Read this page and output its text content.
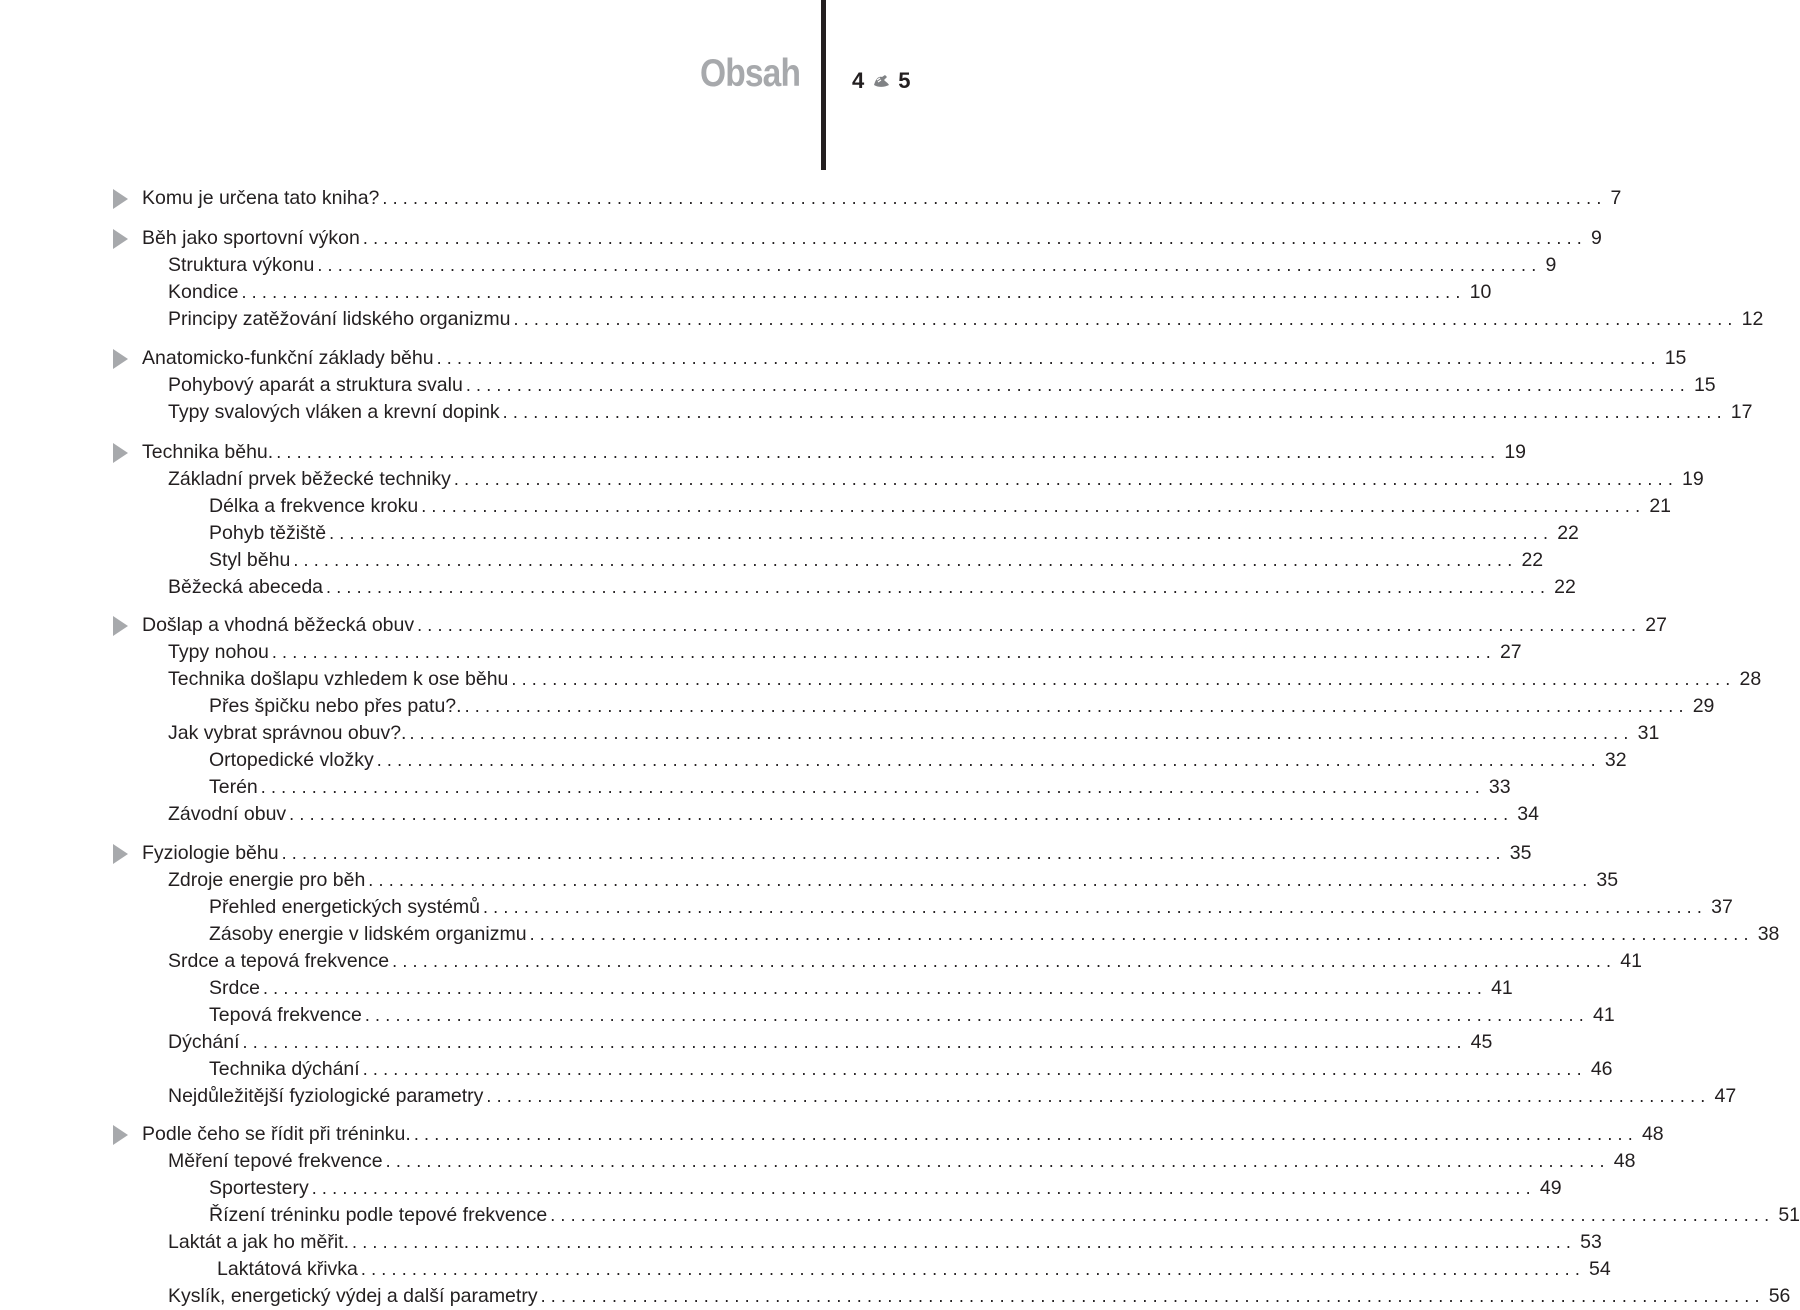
Obsah 4 5
Komu je určena tato kniha? ........................................................................................................................ 7
Běh jako sportovní výkon ........................................................................................................................ 9
Struktura výkonu ........................................................................................................................ 9
Kondice ........................................................................................................................ 10
Principy zatěžování lidského organizmu ........................................................................................................................ 12
Anatomicko-funkční základy běhu ........................................................................................................................ 15
Pohybový aparát a struktura svalu ........................................................................................................................ 15
Typy svalových vláken a krevní dopink ........................................................................................................................ 17
Technika běhu. ........................................................................................................................ 19
Základní prvek běžecké techniky ........................................................................................................................ 19
Délka a frekvence kroku ........................................................................................................................ 21
Pohyb těžiště ........................................................................................................................ 22
Styl běhu ........................................................................................................................ 22
Běžecká abeceda ........................................................................................................................ 22
Došlap a vhodná běžecká obuv ........................................................................................................................ 27
Typy nohou ........................................................................................................................ 27
Technika došlapu vzhledem k ose běhu ........................................................................................................................ 28
Přes špičku nebo přes patu?. ........................................................................................................................ 29
Jak vybrat správnou obuv?. ........................................................................................................................ 31
Ortopedické vložky ........................................................................................................................ 32
Terén ........................................................................................................................ 33
Závodní obuv ........................................................................................................................ 34
Fyziologie běhu ........................................................................................................................ 35
Zdroje energie pro běh ........................................................................................................................ 35
Přehled energetických systémů ........................................................................................................................ 37
Zásoby energie v lidském organizmu ........................................................................................................................ 38
Srdce a tepová frekvence ........................................................................................................................ 41
Srdce ........................................................................................................................ 41
Tepová frekvence ........................................................................................................................ 41
Dýchání ........................................................................................................................ 45
Technika dýchání ........................................................................................................................ 46
Nejdůležitější fyziologické parametry ........................................................................................................................ 47
Podle čeho se řídit při tréninku. ........................................................................................................................ 48
Měření tepové frekvence ........................................................................................................................ 48
Sportestery ........................................................................................................................ 49
Řízení tréninku podle tepové frekvence ........................................................................................................................ 51
Laktát a jak ho měřit. ........................................................................................................................ 53
Laktátová křivka ........................................................................................................................ 54
Kyslík, energetický výdej a další parametry ........................................................................................................................ 56
